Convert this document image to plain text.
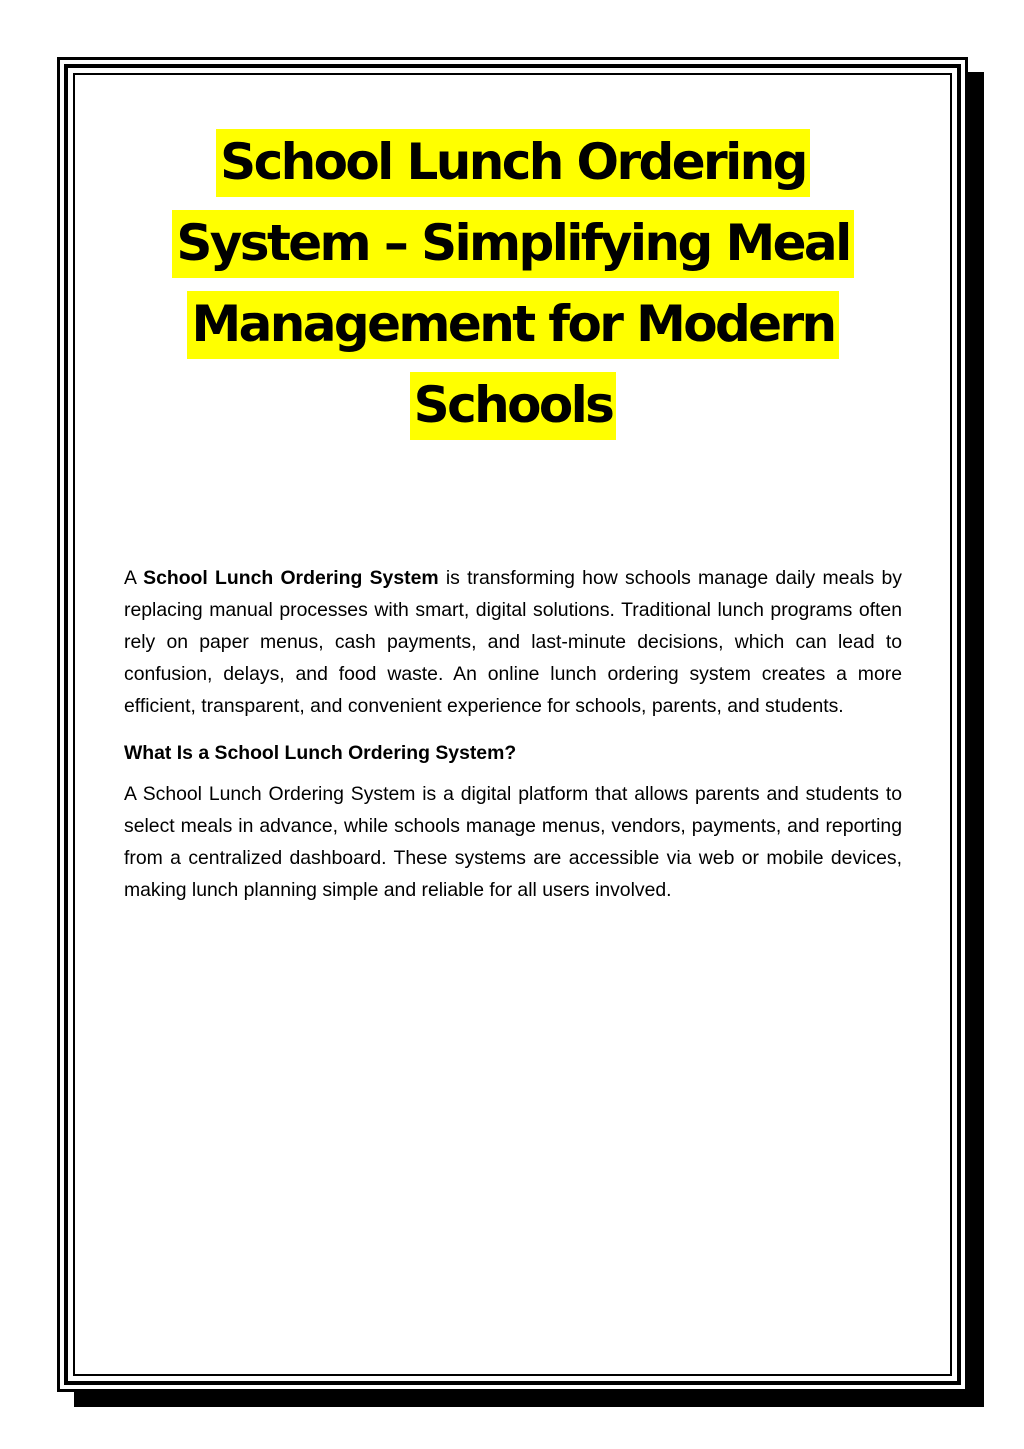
School Lunch Ordering System – Simplifying Meal Management for Modern Schools

A School Lunch Ordering System is transforming how schools manage daily meals by replacing manual processes with smart, digital solutions. Traditional lunch programs often rely on paper menus, cash payments, and last-minute decisions, which can lead to confusion, delays, and food waste. An online lunch ordering system creates a more efficient, transparent, and convenient experience for schools, parents, and students.

What Is a School Lunch Ordering System?

A School Lunch Ordering System is a digital platform that allows parents and students to select meals in advance, while schools manage menus, vendors, payments, and reporting from a centralized dashboard. These systems are accessible via web or mobile devices, making lunch planning simple and reliable for all users involved.
